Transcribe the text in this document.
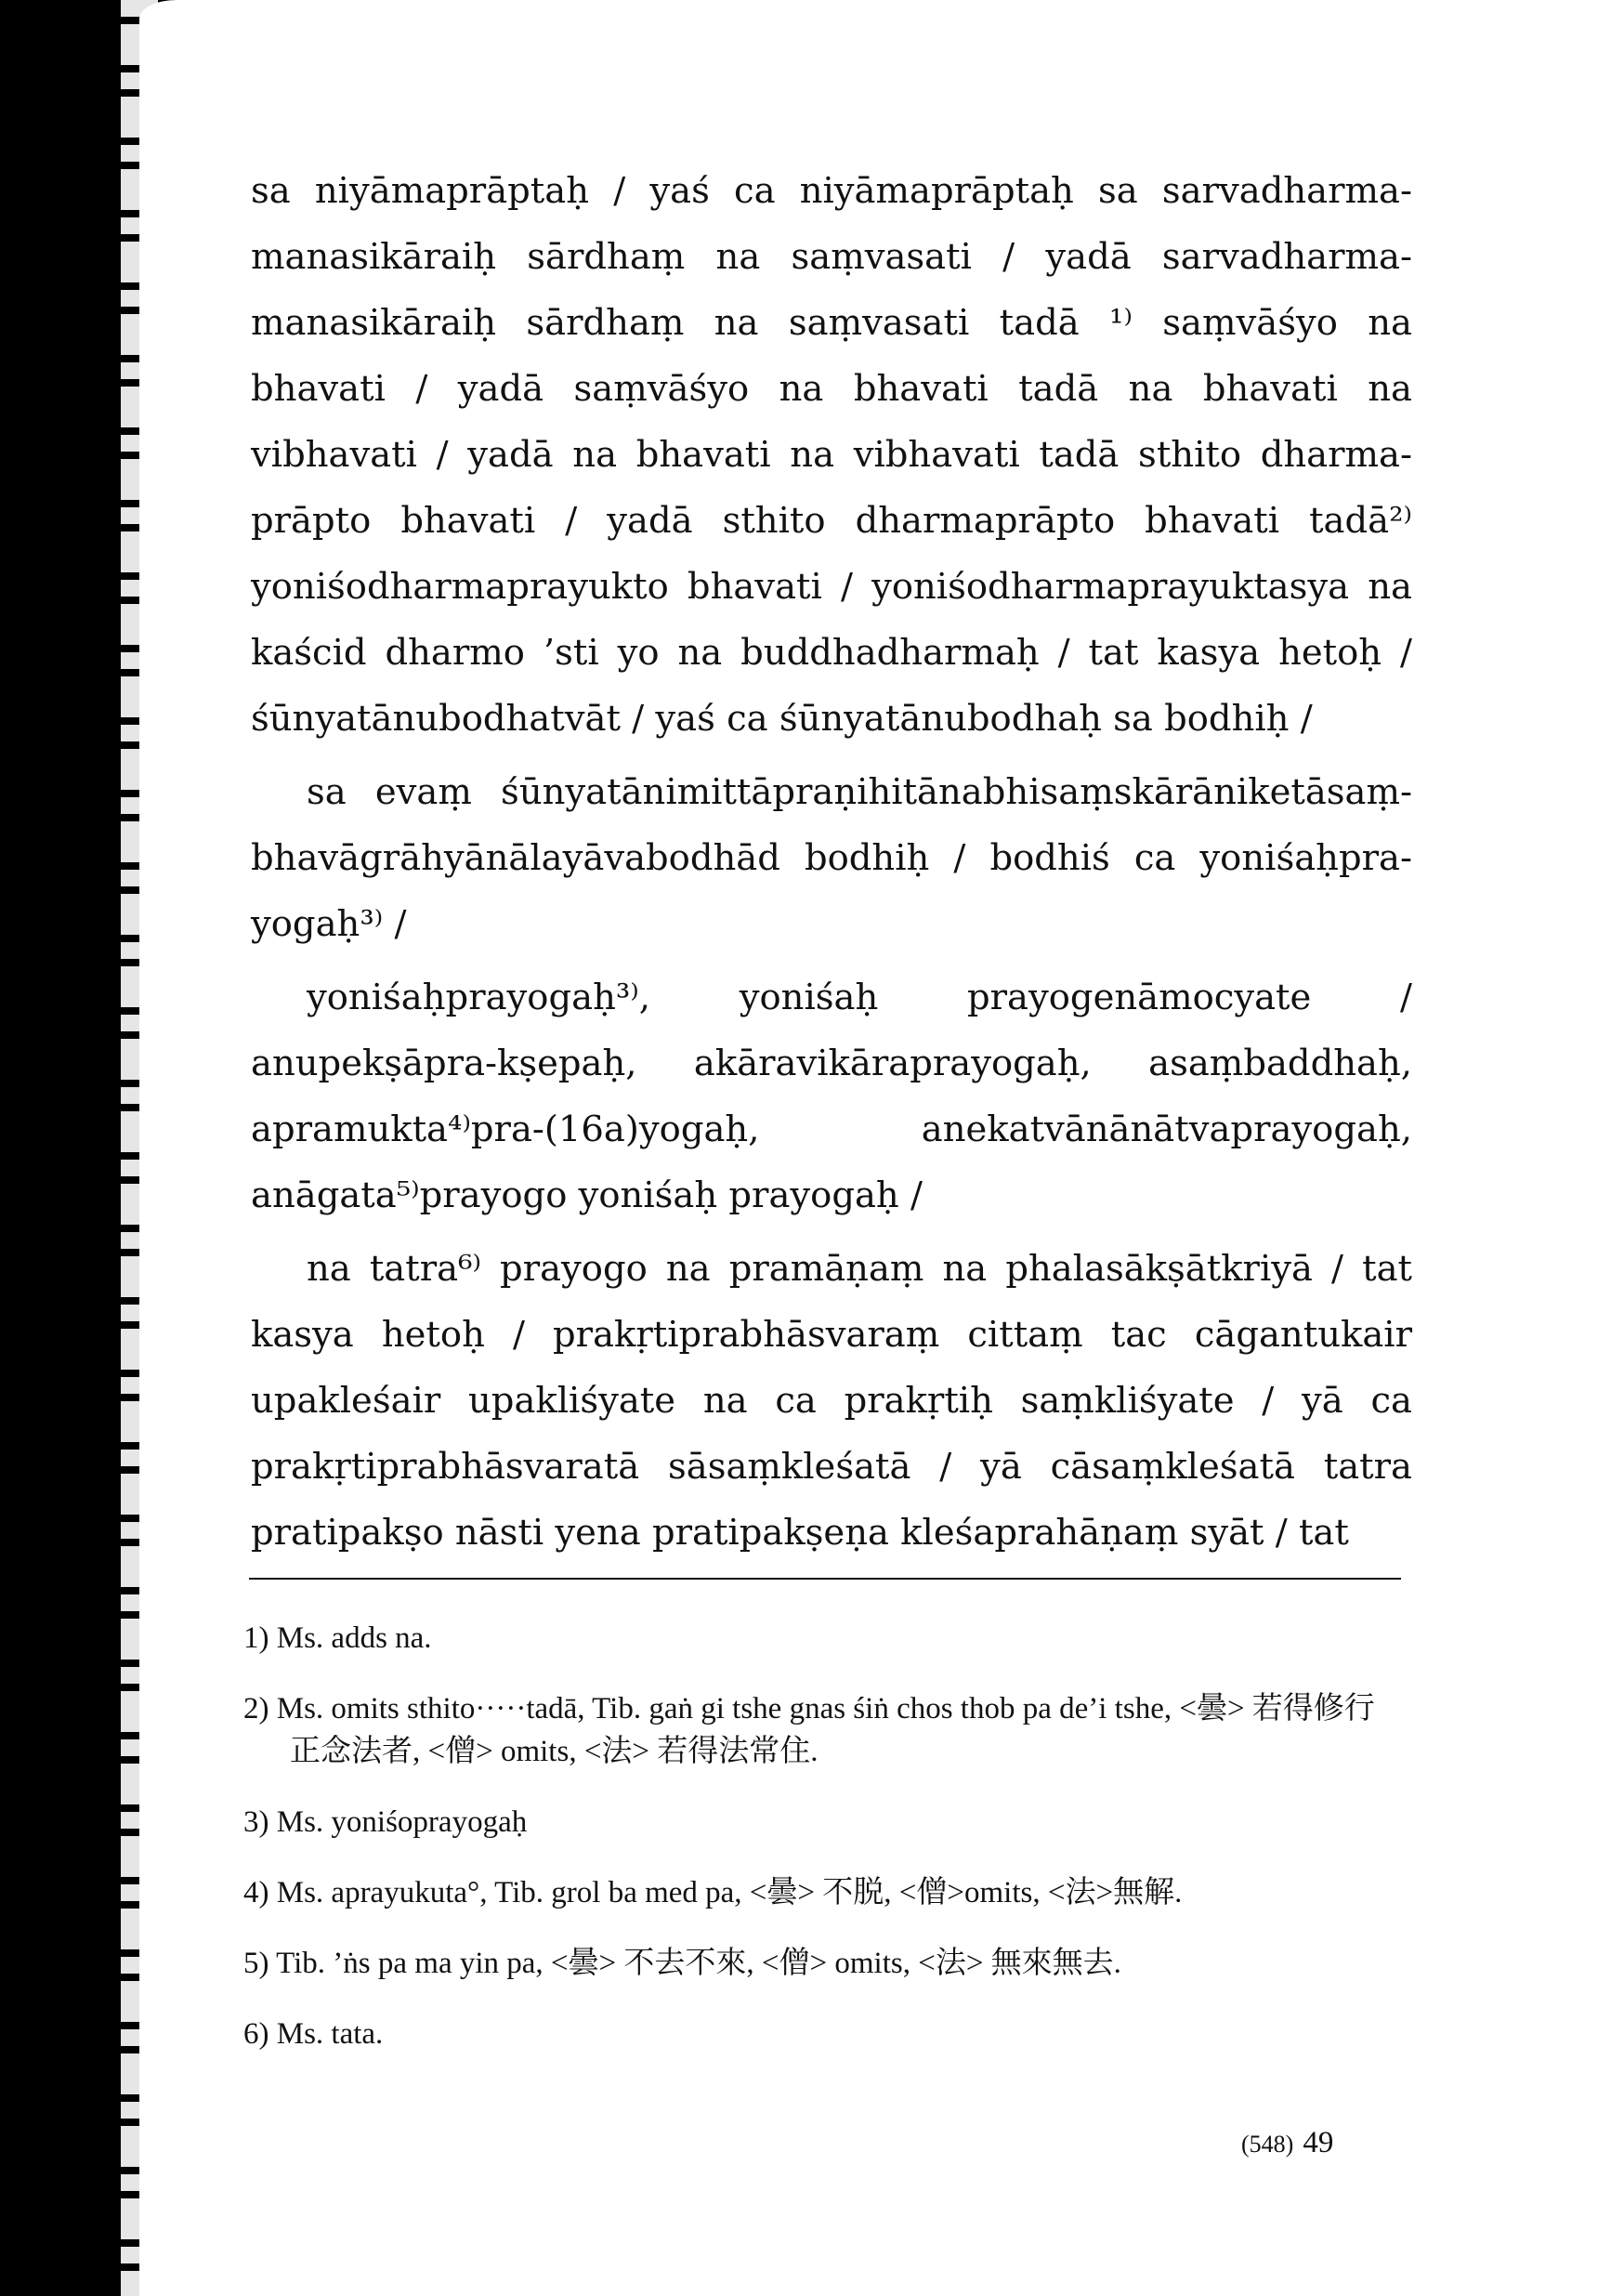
sa niyāmaprāptaḥ / yaś ca niyāmaprāptaḥ sa sarvadharma-manasikāraiḥ sārdhaṃ na saṃvasati / yadā sarvadharma-manasikāraiḥ sārdhaṃ na saṃvasati tadā ¹⁾ saṃvāśyo na bhavati / yadā saṃvāśyo na bhavati tadā na bhavati na vibhavati / yadā na bhavati na vibhavati tadā sthito dharma-prāpto bhavati / yadā sthito dharmaprāpto bhavati tadā²⁾ yoniśodharmaprayukto bhavati / yoniśodharmaprayuktasya na kaścid dharmo ’sti yo na buddhadharmaḥ / tat kasya hetoḥ / śūnyatānubodhatvāt / yaś ca śūnyatānubodhaḥ sa bodhiḥ /

sa evaṃ śūnyatānimittāpraṇihitānabhisaṃskārāniketāsaṃ-bhavāgrāhyānālayāvabodhād bodhiḥ / bodhiś ca yoniśaḥpra-yogaḥ³⁾ /

yoniśaḥprayogaḥ³⁾, yoniśaḥ prayogenāmocyate / anupekṣāpra-kṣepaḥ, akāravikāraprayogaḥ, asaṃbaddhaḥ, apramukta⁴⁾pra-(16a)yogaḥ, anekatvānānātvaprayogaḥ, anāgata⁵⁾prayogo yoniśaḥ prayogaḥ /

na tatra⁶⁾ prayogo na pramāṇaṃ na phalasākṣātkriyā / tat kasya hetoḥ / prakṛtiprabhāsvaraṃ cittaṃ tac cāgantukair upakleśair upakliśyate na ca prakṛtiḥ saṃkliśyate / yā ca prakṛtiprabhāsvaratā sāsaṃkleśatā / yā cāsaṃkleśatā tatra pratipakṣo nāsti yena pratipakṣeṇa kleśaprahāṇaṃ syāt / tat

1) Ms. adds na.

2) Ms. omits sthito·····tadā, Tib. gaṅ gi tshe gnas śiṅ chos thob pa de’i tshe, <曇> 若得修行正念法者, <僧> omits, <法> 若得法常住.

3) Ms. yoniśoprayogaḥ

4) Ms. aprayukuta°, Tib. grol ba med pa, <曇> 不脱, <僧>omits, <法>無解.

5) Tib. ’ṅs pa ma yin pa, <曇> 不去不來, <僧> omits, <法> 無來無去.

6) Ms. tata.

(548) 49
